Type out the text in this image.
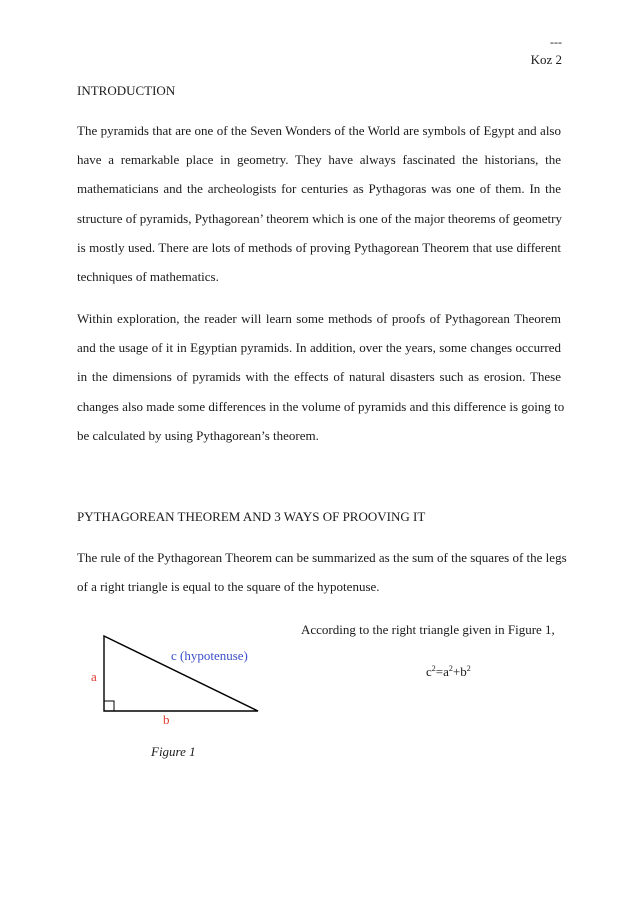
---
Koz 2
INTRODUCTION
The pyramids that are one of the Seven Wonders of the World are symbols of Egypt and also
have a remarkable place in geometry. They have always fascinated the historians, the
mathematicians and the archeologists for centuries as Pythagoras was one of them. In the
structure of pyramids, Pythagorean’ theorem which is one of the major theorems of geometry
is mostly used. There are lots of methods of proving Pythagorean Theorem that use different
techniques of mathematics.
Within exploration, the reader will learn some methods of proofs of Pythagorean Theorem
and the usage of it in Egyptian pyramids. In addition, over the years, some changes occurred
in the dimensions of pyramids with the effects of natural disasters such as erosion. These
changes also made some differences in the volume of pyramids and this difference is going to
be calculated by using Pythagorean’s theorem.
PYTHAGOREAN THEOREM AND 3 WAYS OF PROOVING IT
The rule of the Pythagorean Theorem can be summarized as the sum of the squares of the legs
of a right triangle is equal to the square of the hypotenuse.
According to the right triangle given in Figure 1,
$c^2=a^2+b^2$
a
b
c (hypotenuse)
Figure 1
